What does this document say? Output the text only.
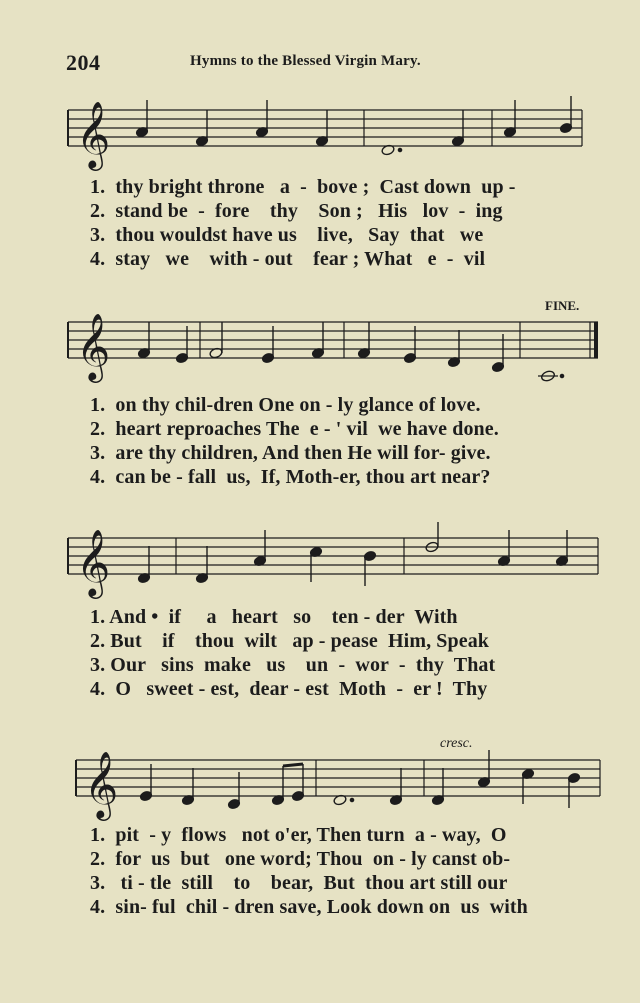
204	Hymns to the Blessed Virgin Mary.
𝄞
1.  thy bright throne   a  -  bove ;  Cast down  up -
2.  stand be  -  fore    thy    Son ;   His   lov  -  ing
3.  thou wouldst have us    live,   Say  that   we
4.  stay   we    with - out    fear ; What   e  -  vil
FINE.
𝄞
1.  on thy chil-dren One on - ly glance of love.
2.  heart reproaches The  e - ' vil  we have done.
3.  are thy children, And then He will for- give.
4.  can be - fall  us,  If, Moth-er, thou art near?
𝄞
1. And •  if     a   heart   so    ten - der  With
2. But    if    thou  wilt   ap - pease  Him, Speak
3. Our   sins  make   us    un  -  wor  -  thy  That
4.  O   sweet - est,  dear - est  Moth  -  er !  Thy
cresc.
𝄞
1.  pit  - y  flows   not o'er, Then turn  a - way,  O
2.  for  us  but   one word; Thou  on - ly canst ob-
3.   ti - tle  still    to    bear,  But  thou art still our
4.  sin- ful  chil - dren save, Look down on  us  with
